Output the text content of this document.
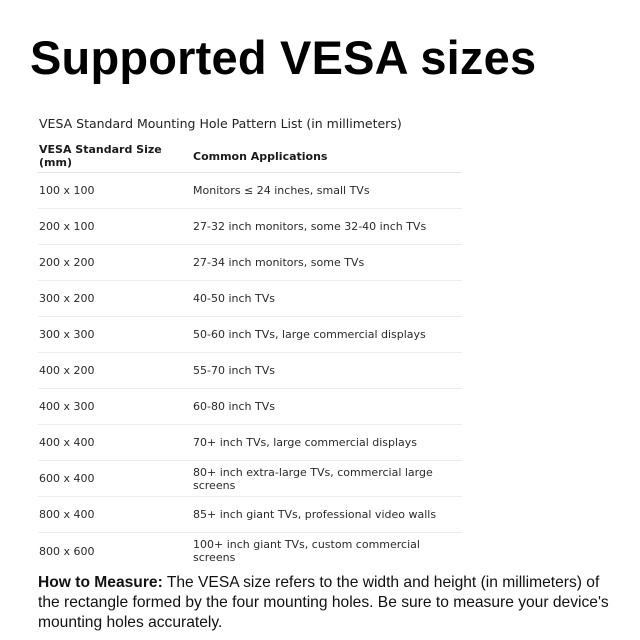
Supported VESA sizes
VESA Standard Mounting Hole Pattern List (in millimeters)
VESA Standard Size (mm)	Common Applications
100 x 100	Monitors ≤ 24 inches, small TVs
200 x 100	27-32 inch monitors, some 32-40 inch TVs
200 x 200	27-34 inch monitors, some TVs
300 x 200	40-50 inch TVs
300 x 300	50-60 inch TVs, large commercial displays
400 x 200	55-70 inch TVs
400 x 300	60-80 inch TVs
400 x 400	70+ inch TVs, large commercial displays
600 x 400	80+ inch extra-large TVs, commercial large screens
800 x 400	85+ inch giant TVs, professional video walls
800 x 600	100+ inch giant TVs, custom commercial screens

How to Measure: The VESA size refers to the width and height (in millimeters) of the rectangle formed by the four mounting holes. Be sure to measure your device's mounting holes accurately.
